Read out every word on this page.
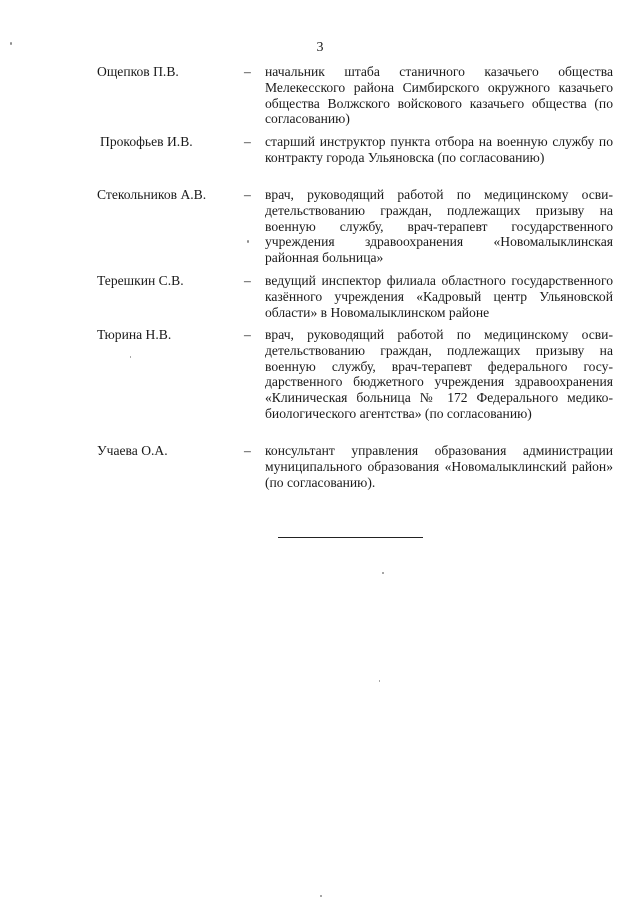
3
Ощепков П.В.	– начальник штаба станичного казачьего общества Мелекесского района Симбирского окружного казачьего общества Волжского войскового казачьего общества (по согласованию)
Прокофьев И.В.	– старший инструктор пункта отбора на военную службу по контракту города Ульяновска (по согласованию)
Стекольников А.В.	– врач, руководящий работой по медицинскому освидетельствованию граждан, подлежащих призыву на военную службу, врач-терапевт государственного учреждения здравоохранения «Новомалыклинская районная больница»
Терешкин С.В.	– ведущий инспектор филиала областного государственного казённого учреждения «Кадровый центр Ульяновской области» в Новомалыклинском районе
Тюрина Н.В.	– врач, руководящий работой по медицинскому освидетельствованию граждан, подлежащих призыву на военную службу, врач-терапевт федерального государственного бюджетного учреждения здравоохранения «Клиническая больница № 172 Федерального медико-биологического агентства» (по согласованию)
Учаева О.А.	– консультант управления образования администрации муниципального образования «Новомалыклинский район» (по согласованию).
